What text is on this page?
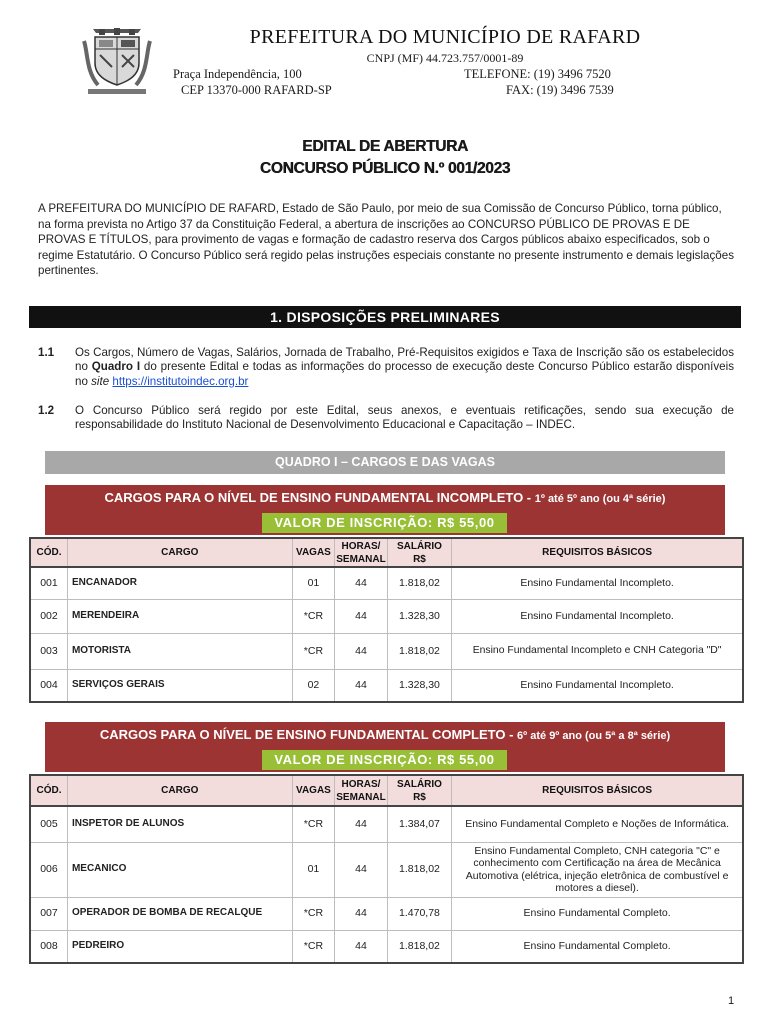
PREFEITURA DO MUNICÍPIO DE RAFARD
CNPJ (MF) 44.723.757/0001-89
Praça Independência, 100
CEP 13370-000 RAFARD-SP
TELEFONE: (19) 3496 7520
FAX: (19) 3496 7539
EDITAL DE ABERTURA
CONCURSO PÚBLICO N.º 001/2023
A PREFEITURA DO MUNICÍPIO DE RAFARD, Estado de São Paulo, por meio de sua Comissão de Concurso Público, torna público, na forma prevista no Artigo 37 da Constituição Federal, a abertura de inscrições ao CONCURSO PÚBLICO DE PROVAS E DE PROVAS E TÍTULOS, para provimento de vagas e formação de cadastro reserva dos Cargos públicos abaixo especificados, sob o regime Estatutário. O Concurso Público será regido pelas instruções especiais constante no presente instrumento e demais legislações pertinentes.
1. DISPOSIÇÕES PRELIMINARES
1.1 Os Cargos, Número de Vagas, Salários, Jornada de Trabalho, Pré-Requisitos exigidos e Taxa de Inscrição são os estabelecidos no Quadro I do presente Edital e todas as informações do processo de execução deste Concurso Público estarão disponíveis no site https://institutoindec.org.br
1.2 O Concurso Público será regido por este Edital, seus anexos, e eventuais retificações, sendo sua execução de responsabilidade do Instituto Nacional de Desenvolvimento Educacional e Capacitação – INDEC.
QUADRO I – CARGOS E DAS VAGAS
CARGOS PARA O NÍVEL DE ENSINO FUNDAMENTAL INCOMPLETO - 1º até 5º ano (ou 4ª série)
VALOR DE INSCRIÇÃO: R$ 55,00
CÓD.	CARGO	VAGAS	HORAS/
SEMANAL	SALÁRIO
R$	REQUISITOS BÁSICOS
001	ENCANADOR	01	44	1.818,02	Ensino Fundamental Incompleto.
002	MERENDEIRA	*CR	44	1.328,30	Ensino Fundamental Incompleto.
003	MOTORISTA	*CR	44	1.818,02	Ensino Fundamental Incompleto e CNH Categoria "D"
004	SERVIÇOS GERAIS	02	44	1.328,30	Ensino Fundamental Incompleto.
CARGOS PARA O NÍVEL DE ENSINO FUNDAMENTAL COMPLETO - 6º até 9º ano (ou 5ª a 8ª série)
VALOR DE INSCRIÇÃO: R$ 55,00
CÓD.	CARGO	VAGAS	HORAS/
SEMANAL	SALÁRIO
R$	REQUISITOS BÁSICOS
005	INSPETOR DE ALUNOS	*CR	44	1.384,07	Ensino Fundamental Completo e Noções de Informática.
006	MECANICO	01	44	1.818,02	Ensino Fundamental Completo, CNH categoria "C" e conhecimento com Certificação na área de Mecânica Automotiva (elétrica, injeção eletrônica de combustível e motores a diesel).
007	OPERADOR DE BOMBA DE RECALQUE	*CR	44	1.470,78	Ensino Fundamental Completo.
008	PEDREIRO	*CR	44	1.818,02	Ensino Fundamental Completo.
1
